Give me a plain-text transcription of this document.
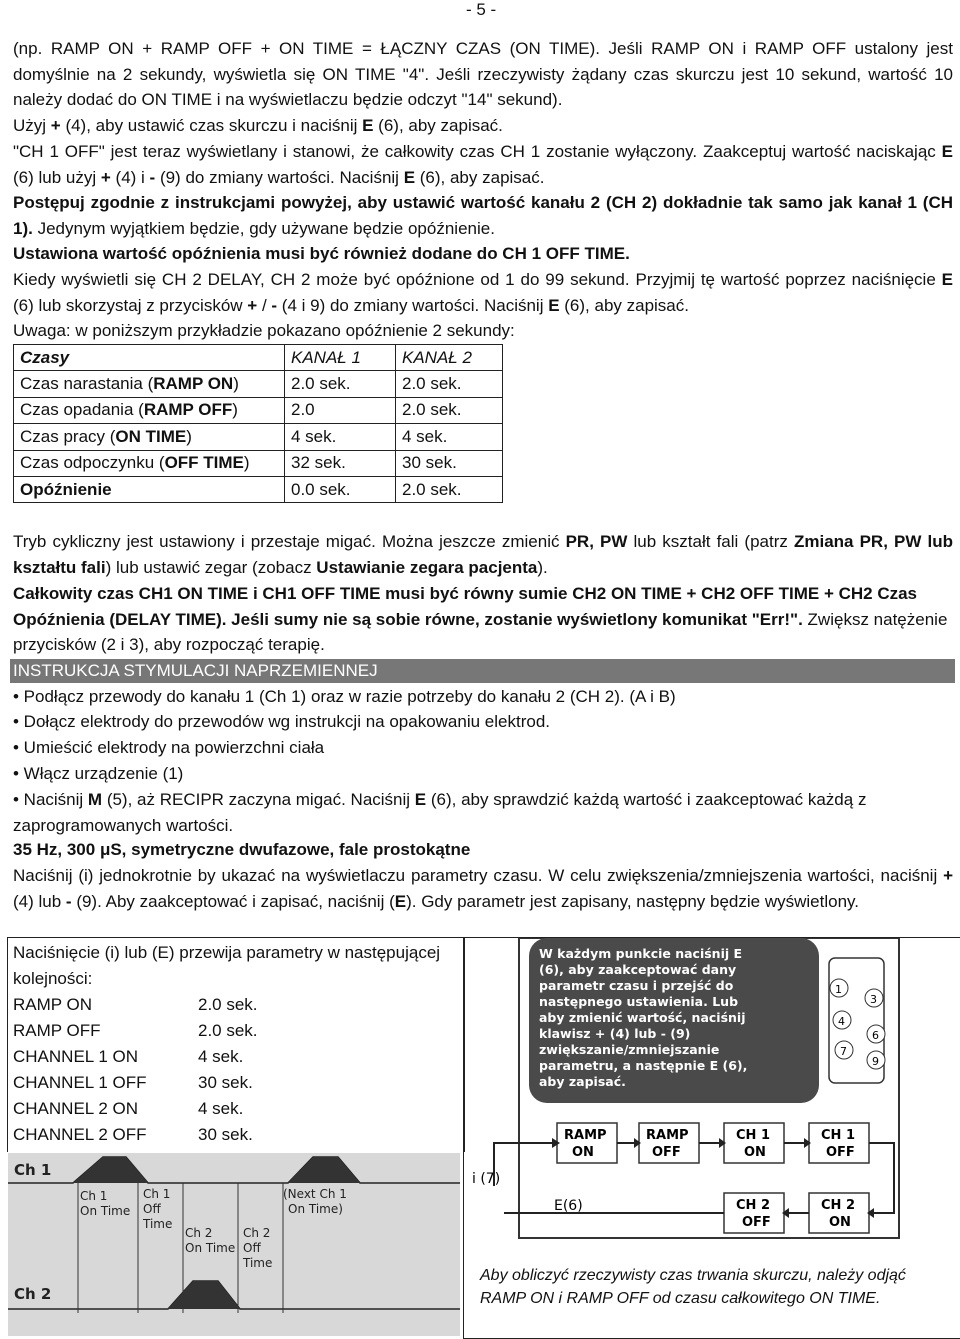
- 5 -
(np. RAMP ON + RAMP OFF + ON TIME = ŁĄCZNY CZAS (ON TIME). Jeśli RAMP ON i RAMP OFF ustalony jest domyślnie na 2 sekundy, wyświetla się ON TIME "4". Jeśli rzeczywisty żądany czas skurczu jest 10 sekund, wartość 10 należy dodać do ON TIME i na wyświetlaczu będzie odczyt "14" sekund).
Użyj + (4), aby ustawić czas skurczu i naciśnij E (6), aby zapisać.
"CH 1 OFF" jest teraz wyświetlany i stanowi, że całkowity czas CH 1 zostanie wyłączony. Zaakceptuj wartość naciskając E (6) lub użyj + (4) i - (9) do zmiany wartości. Naciśnij E (6), aby zapisać.
Postępuj zgodnie z instrukcjami powyżej, aby ustawić wartość kanału 2 (CH 2) dokładnie tak samo jak kanał 1 (CH 1). Jedynym wyjątkiem będzie, gdy używane będzie opóźnienie.
Ustawiona wartość opóźnienia musi być również dodane do CH 1 OFF TIME.
Kiedy wyświetli się CH 2 DELAY, CH 2 może być opóźnione od 1 do 99 sekund. Przyjmij tę wartość poprzez naciśnięcie E (6) lub skorzystaj z przycisków + / - (4 i 9) do zmiany wartości. Naciśnij E (6), aby zapisać.
Uwaga: w poniższym przykładzie pokazano opóźnienie 2 sekundy:
Czasy	KANAŁ 1	KANAŁ 2
Czas narastania (RAMP ON)	2.0 sek.	2.0 sek.
Czas opadania (RAMP OFF)	2.0	2.0 sek.
Czas pracy (ON TIME)	4 sek.	4 sek.
Czas odpoczynku (OFF TIME)	32 sek.	30 sek.
Opóźnienie	0.0 sek.	2.0 sek.
Tryb cykliczny jest ustawiony i przestaje migać. Można jeszcze zmienić PR, PW lub kształt fali (patrz Zmiana PR, PW lub kształtu fali) lub ustawić zegar (zobacz Ustawianie zegara pacjenta).
Całkowity czas CH1 ON TIME i CH1 OFF TIME musi być równy sumie CH2 ON TIME + CH2 OFF TIME + CH2 Czas Opóźnienia (DELAY TIME). Jeśli sumy nie są sobie równe, zostanie wyświetlony komunikat "Err!". Zwiększ natężenie przycisków (2 i 3), aby rozpocząć terapię.
INSTRUKCJA STYMULACJI NAPRZEMIENNEJ
• Podłącz przewody do kanału 1 (Ch 1) oraz w razie potrzeby do kanału 2 (CH 2). (A i B)
• Dołącz elektrody do przewodów wg instrukcji na opakowaniu elektrod.
• Umieścić elektrody na powierzchni ciała
• Włącz urządzenie (1)
• Naciśnij M (5), aż RECIPR zaczyna migać. Naciśnij E (6), aby sprawdzić każdą wartość i zaakceptować każdą z zaprogramowanych wartości.
35 Hz, 300 μS, symetryczne dwufazowe, fale prostokątne
Naciśnij (i) jednokrotnie by ukazać na wyświetlaczu parametry czasu. W celu zwiększenia/zmniejszenia wartości, naciśnij + (4) lub - (9). Aby zaakceptować i zapisać, naciśnij (E). Gdy parametr jest zapisany, następny będzie wyświetlony.
Naciśnięcie (i) lub (E) przewija parametry w następującej kolejności:
RAMP ON	2.0 sek.
RAMP OFF	2.0 sek.
CHANNEL 1 ON	4 sek.
CHANNEL 1 OFF	30 sek.
CHANNEL 2 ON	4 sek.
CHANNEL 2 OFF	30 sek.
Ch 1
Ch 2
Ch 1 On Time
Ch 1 Off Time
Ch 2 On Time
Ch 2 Off Time
(Next Ch 1 On Time)
W każdym punkcie naciśnij E (6), aby zaakceptować dany parametr czasu i przejść do następnego ustawienia. Lub aby zmienić wartość, naciśnij klawisz + (4) lub - (9) zwiększanie/zmniejszanie parametru, a następnie E (6), aby zapisać.
1
3
4
6
7
9
RAMP
ON
RAMP
OFF
CH 1
ON
CH 1
OFF
CH 2
OFF
CH 2
ON
i (7)
E(6)
Aby obliczyć rzeczywisty czas trwania skurczu, należy odjąć RAMP ON i RAMP OFF od czasu całkowitego ON TIME.
